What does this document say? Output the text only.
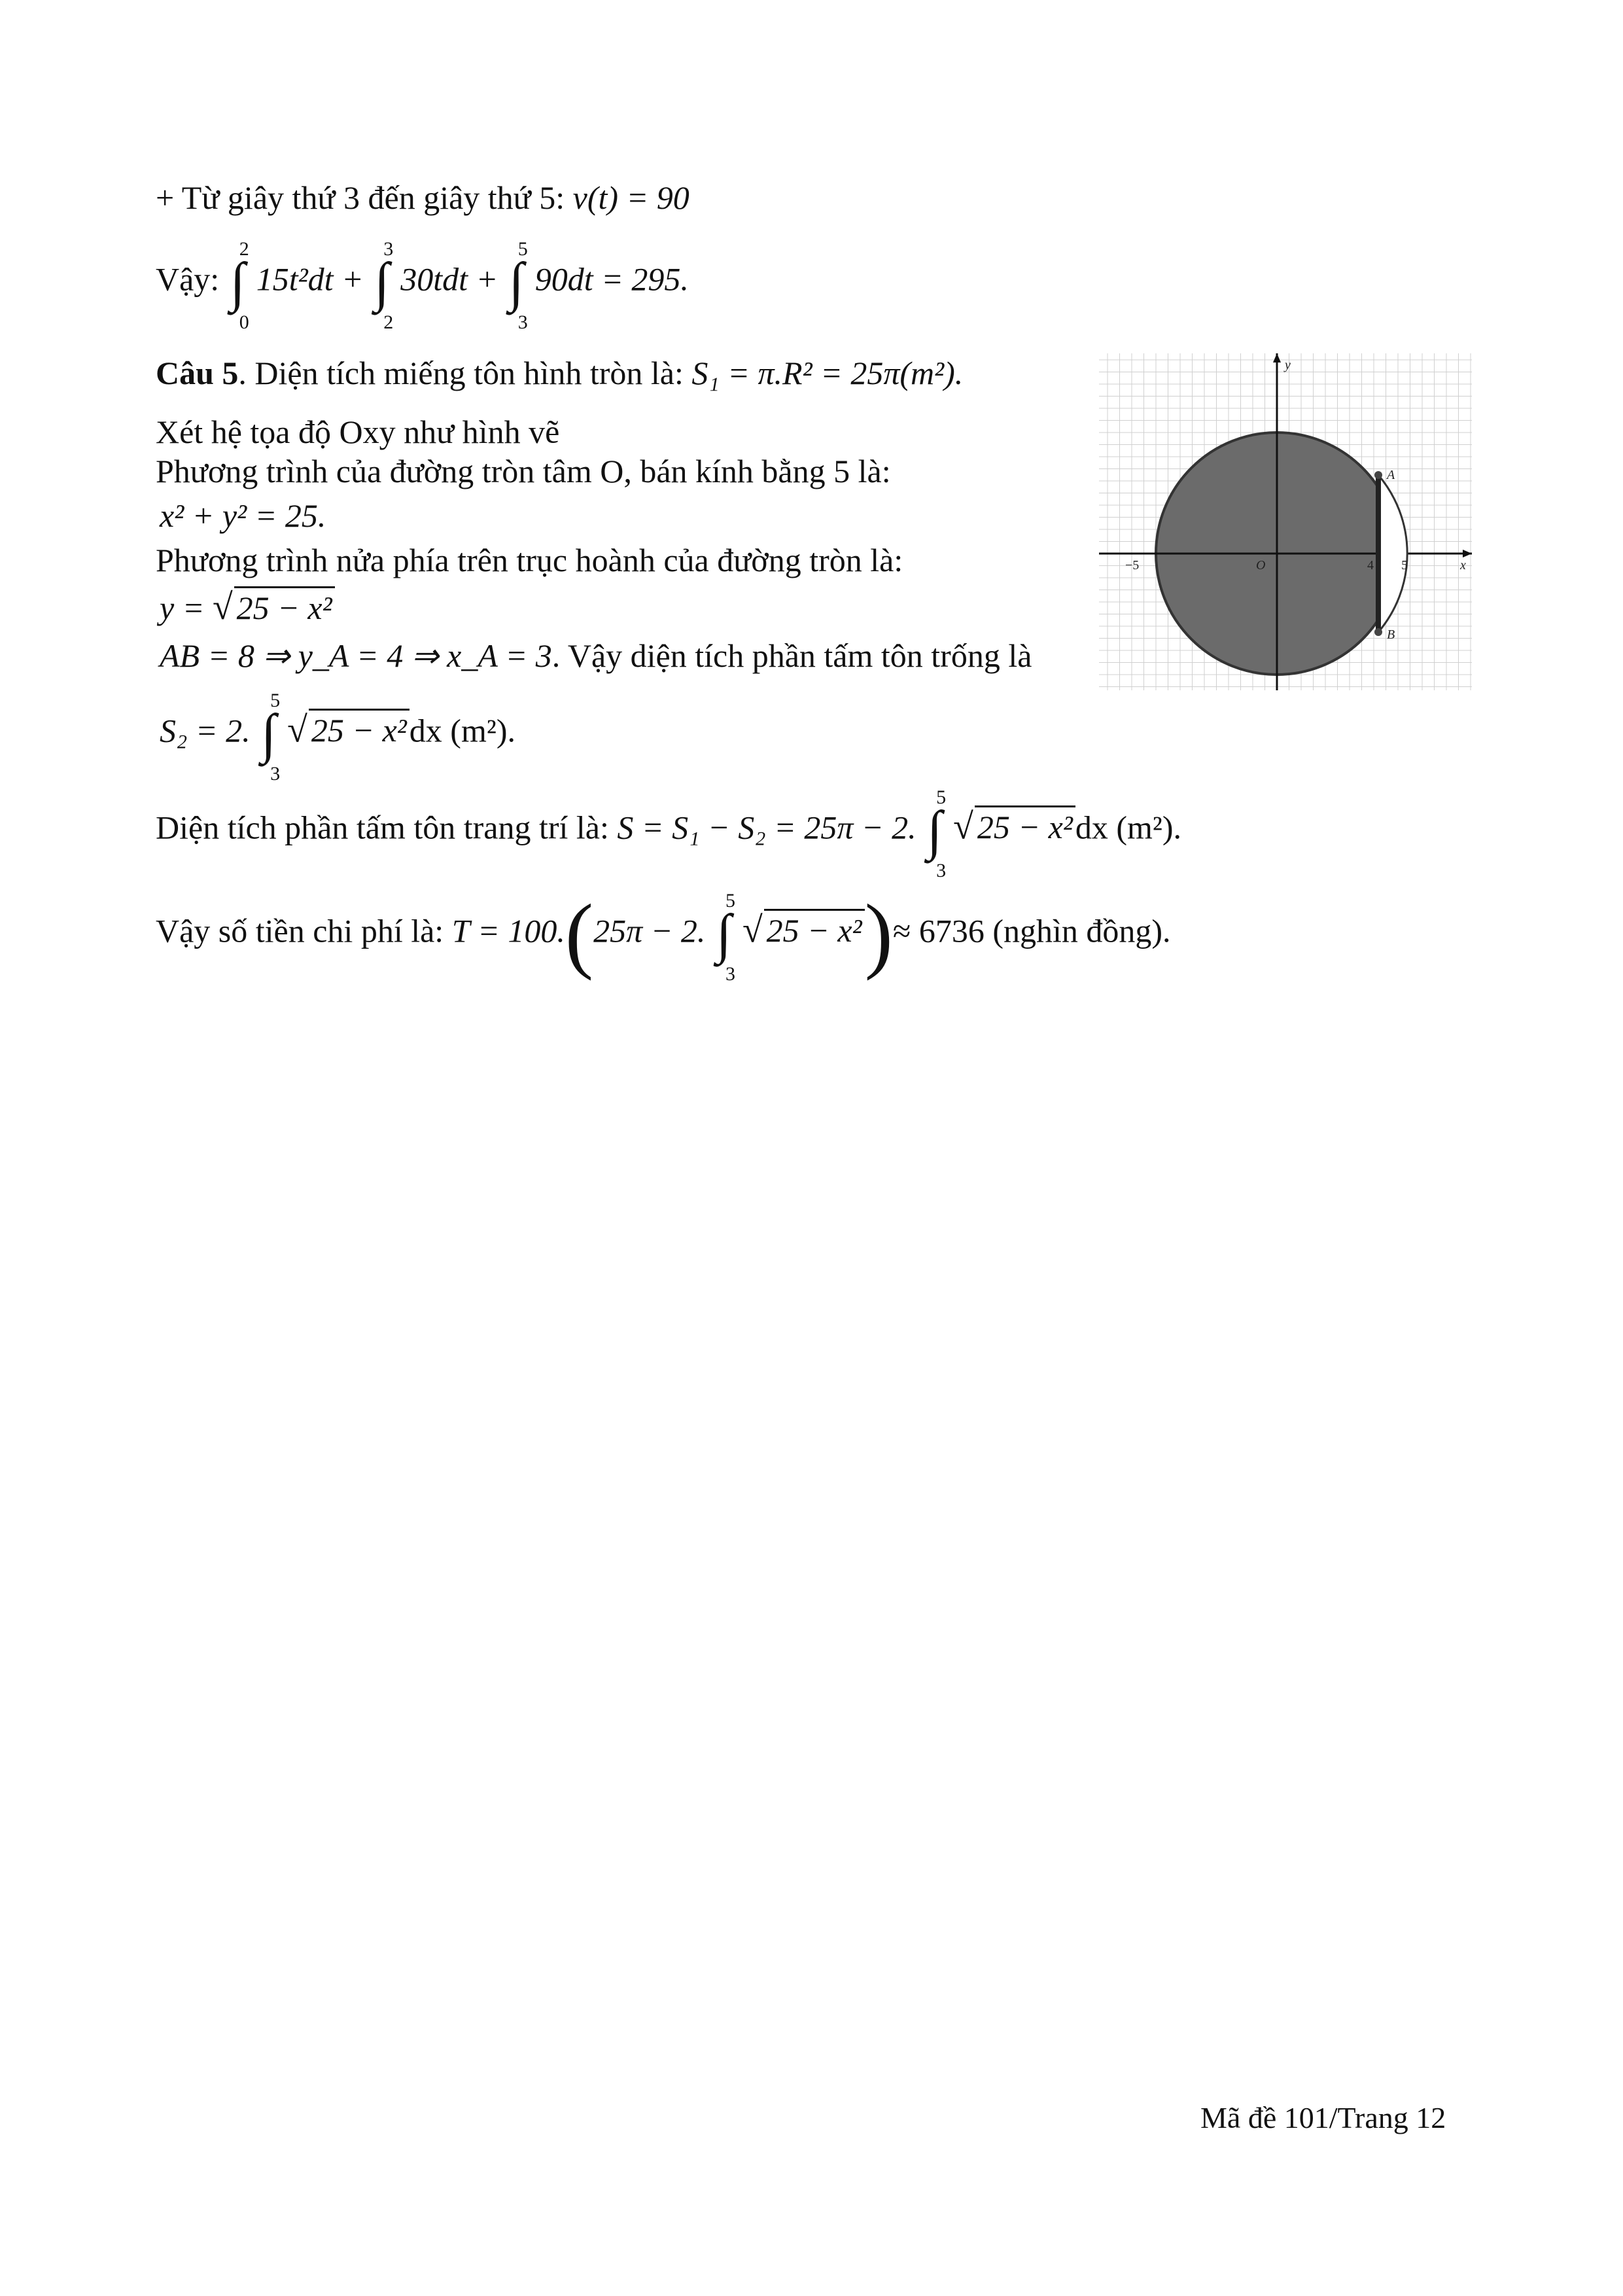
+ Từ giây thứ 3 đến giây thứ 5: v(t) = 90
Vậy:
2
∫
0
15t²dt +
3
∫
2
30tdt +
5
∫
3
90dt = 295.
Câu 5. Diện tích miếng tôn hình tròn là: S₁ = π.R² = 25π(m²).
Xét hệ tọa độ Oxy như hình vẽ
Phương trình của đường tròn tâm O, bán kính bằng 5 là:
x² + y² = 25.
Phương trình nửa phía trên trục hoành của đường tròn là:
y = √ 25 − x²
AB = 8 ⇒ y_A = 4 ⇒ x_A = 3. Vậy diện tích phần tấm tôn trống là
S₂ = 2.
5
∫
3
√ 25 − x²dx (m²).
Diện tích phần tấm tôn trang trí là: S = S₁ − S₂ = 25π − 2.
5
∫
3
√ 25 − x²dx (m²).
Vậy số tiền chi phí là: T = 100.(25π − 2.
5
∫
3
√ 25 − x²)≈ 6736 (nghìn đồng).
y
x
O
A
B
−5	4 5
Mã đề 101/Trang 12
